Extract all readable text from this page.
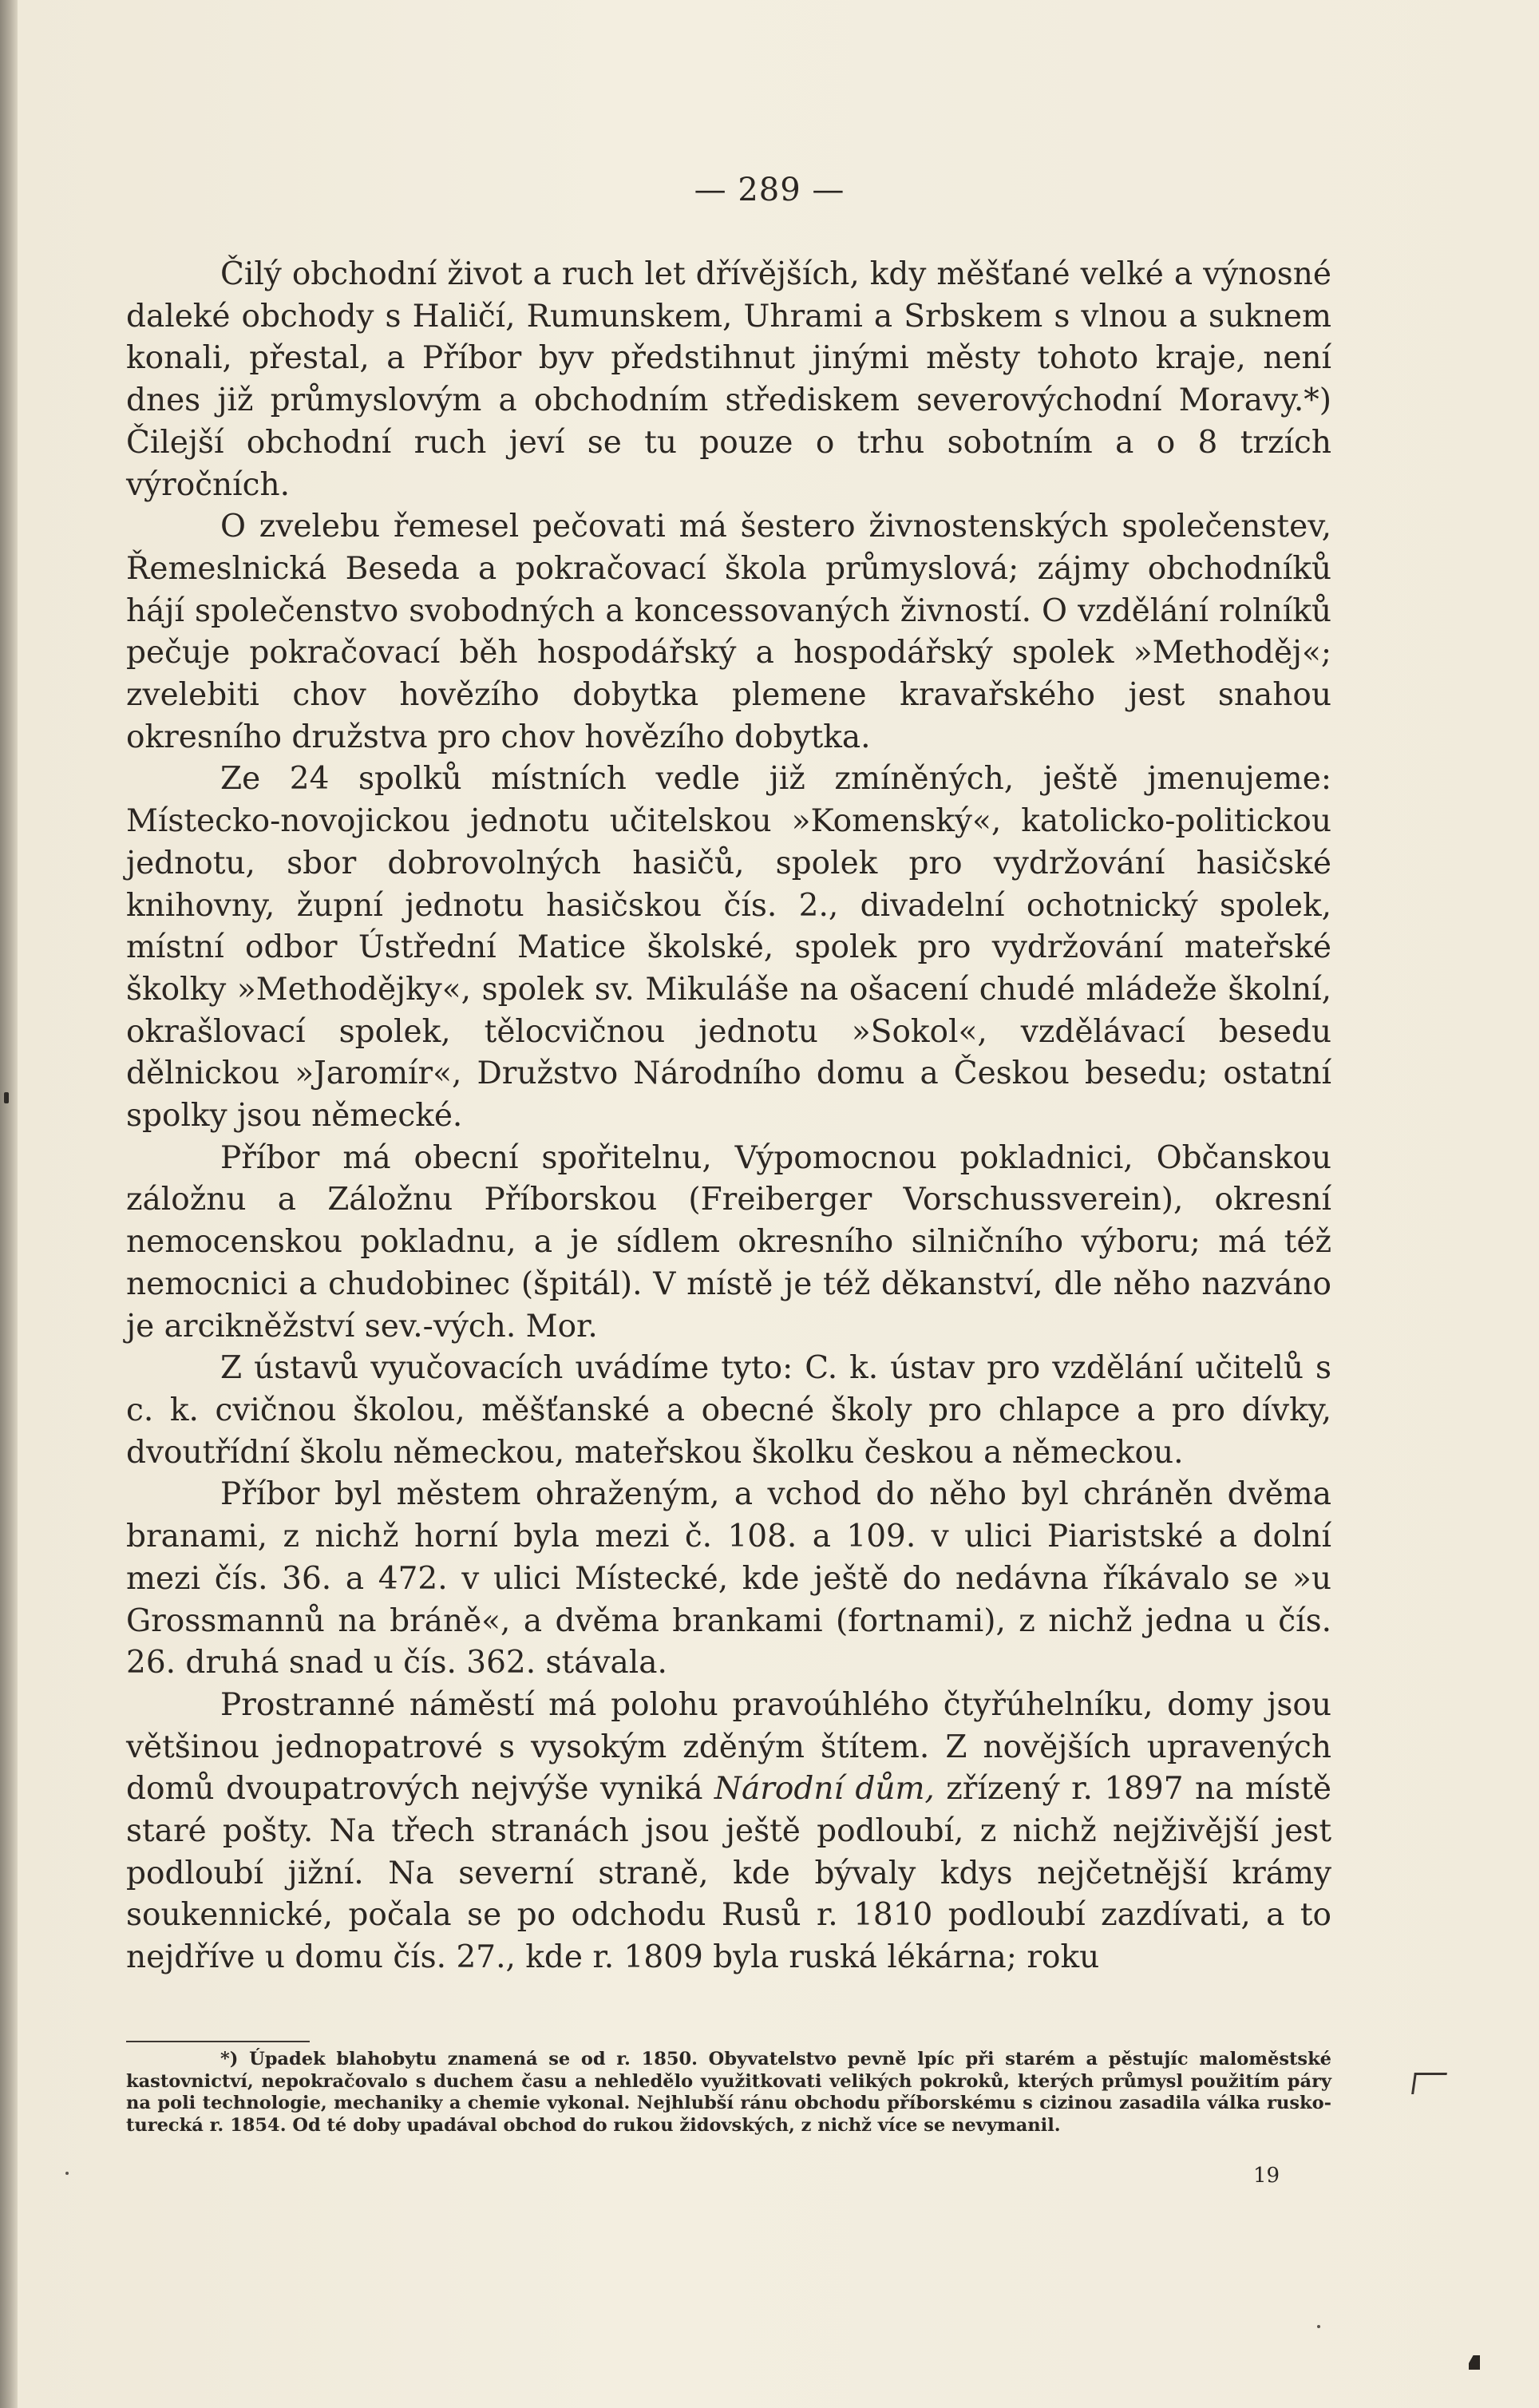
— 289 —

Čilý obchodní život a ruch let dřívějších, kdy měšťané velké a výnosné daleké obchody s Haličí, Rumunskem, Uhrami a Srbskem s vlnou a suknem konali, přestal, a Příbor byv předstihnut jinými městy tohoto kraje, není dnes již průmyslovým a obchodním střediskem severovýchodní Moravy.*) Čilejší obchodní ruch jeví se tu pouze o trhu sobotním a o 8 trzích výročních.

O zvelebu řemesel pečovati má šestero živnostenských společenstev, Řemeslnická Beseda a pokračovací škola průmyslová; zájmy obchodníků hájí společenstvo svobodných a koncessovaných živností. O vzdělání rolníků pečuje pokračovací běh hospodářský a hospodářský spolek »Methoděj«; zvelebiti chov hovězího dobytka plemene kravařského jest snahou okresního družstva pro chov hovězího dobytka.

Ze 24 spolků místních vedle již zmíněných, ještě jmenujeme: Místecko-novojickou jednotu učitelskou »Komenský«, katolicko-politickou jednotu, sbor dobrovolných hasičů, spolek pro vydržování hasičské knihovny, župní jednotu hasičskou čís. 2., divadelní ochotnický spolek, místní odbor Ústřední Matice školské, spolek pro vydržování mateřské školky »Methodějky«, spolek sv. Mikuláše na ošacení chudé mládeže školní, okrašlovací spolek, tělocvičnou jednotu »Sokol«, vzdělávací besedu dělnickou »Jaromír«, Družstvo Národního domu a Českou besedu; ostatní spolky jsou německé.

Příbor má obecní spořitelnu, Výpomocnou pokladnici, Občanskou záložnu a Záložnu Příborskou (Freiberger Vorschussverein), okresní nemocenskou pokladnu, a je sídlem okresního silničního výboru; má též nemocnici a chudobinec (špitál). V místě je též děkanství, dle něho nazváno je arcikněžství sev.-vých. Mor.

Z ústavů vyučovacích uvádíme tyto: C. k. ústav pro vzdělání učitelů s c. k. cvičnou školou, měšťanské a obecné školy pro chlapce a pro dívky, dvoutřídní školu německou, mateřskou školku českou a německou.

Příbor byl městem ohraženým, a vchod do něho byl chráněn dvěma branami, z nichž horní byla mezi č. 108. a 109. v ulici Piaristské a dolní mezi čís. 36. a 472. v ulici Místecké, kde ještě do nedávna říkávalo se »u Grossmannů na bráně«, a dvěma brankami (fortnami), z nichž jedna u čís. 26. druhá snad u čís. 362. stávala.

Prostranné náměstí má polohu pravoúhlého čtyřúhelníku, domy jsou většinou jednopatrové s vysokým zděným štítem. Z novějších upravených domů dvoupatrových nejvýše vyniká Národní dům, zřízený r. 1897 na místě staré pošty. Na třech stranách jsou ještě podloubí, z nichž nejživější jest podloubí jižní. Na severní straně, kde bývaly kdys nejčetnější krámy soukennické, počala se po odchodu Rusů r. 1810 podloubí zazdívati, a to nejdříve u domu čís. 27., kde r. 1809 byla ruská lékárna; roku

*) Úpadek blahobytu znamená se od r. 1850. Obyvatelstvo pevně lpíc při starém a pěstujíc maloměstské kastovnictví, nepokračovalo s duchem času a nehledělo využitkovati velikých pokroků, kterých průmysl použitím páry na poli technologie, mechaniky a chemie vykonal. Nejhlubší ránu obchodu příborskému s cizinou zasadila válka rusko-turecká r. 1854. Od té doby upadával obchod do rukou židovských, z nichž více se nevymanil.

19
